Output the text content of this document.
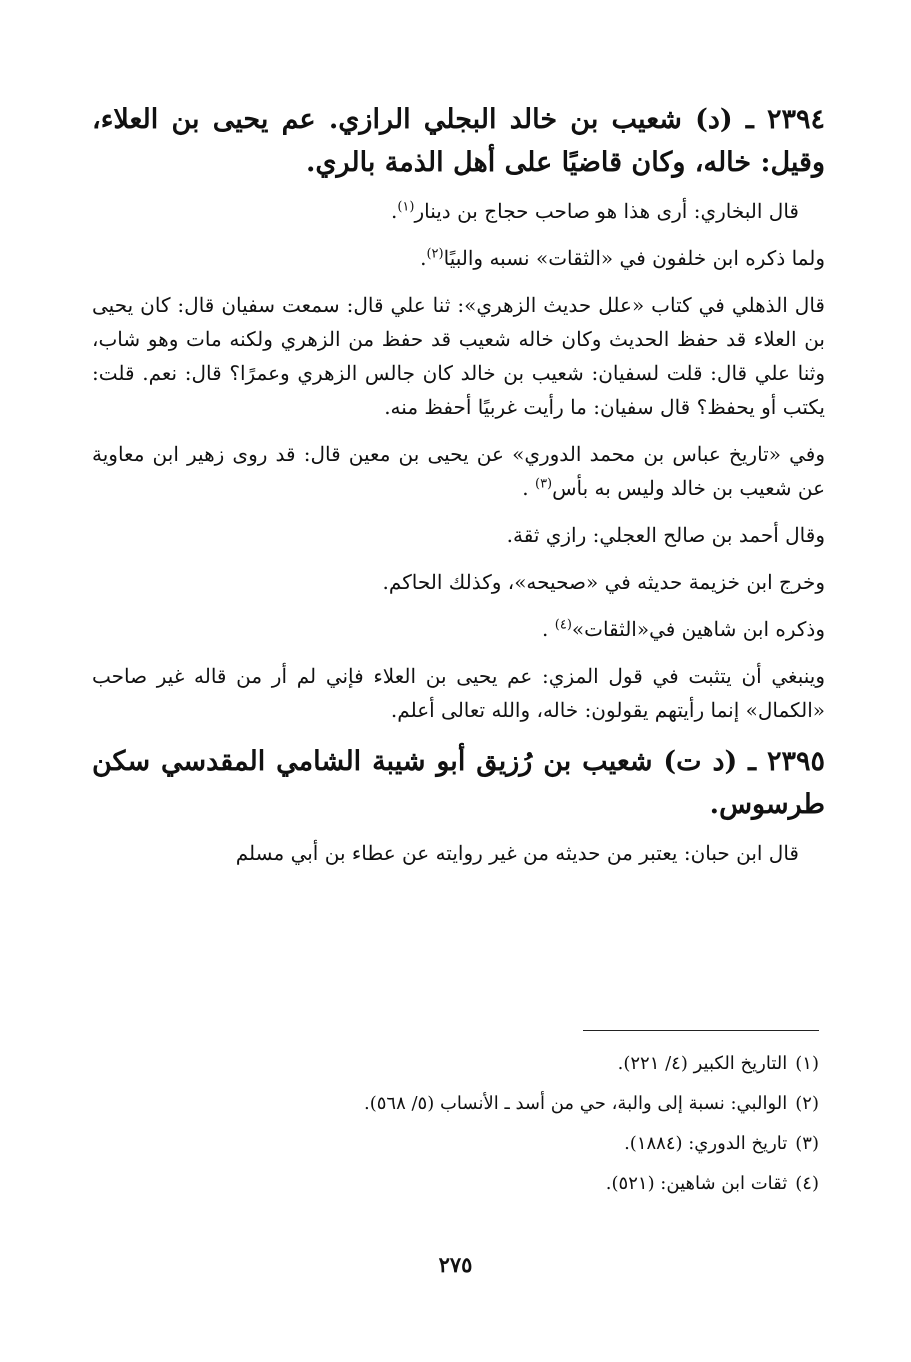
٢٣٩٤ ـ (د) شعيب بن خالد البجلي الرازي. عم يحيى بن العلاء، وقيل: خاله، وكان قاضيًا على أهل الذمة بالري.

قال البخاري: أرى هذا هو صاحب حجاج بن دينار$^{(١)}$.

ولما ذكره ابن خلفون في «الثقات» نسبه والبيًا$^{(٢)}$.

قال الذهلي في كتاب «علل حديث الزهري»: ثنا علي قال: سمعت سفيان قال: كان يحيى بن العلاء قد حفظ الحديث وكان خاله شعيب قد حفظ من الزهري ولكنه مات وهو شاب، وثنا علي قال: قلت لسفيان: شعيب بن خالد كان جالس الزهري وعمرًا؟ قال: نعم. قلت: يكتب أو يحفظ؟ قال سفيان: ما رأيت غربيًا أحفظ منه.

وفي «تاريخ عباس بن محمد الدوري» عن يحيى بن معين قال: قد روى زهير ابن معاوية عن شعيب بن خالد وليس به بأس$^{(٣)}$ .

وقال أحمد بن صالح العجلي: رازي ثقة.

وخرج ابن خزيمة حديثه في «صحيحه»، وكذلك الحاكم.

وذكره ابن شاهين في«الثقات»$^{(٤)}$ .

وينبغي أن يتثبت في قول المزي: عم يحيى بن العلاء فإني لم أر من قاله غير صاحب «الكمال» إنما رأيتهم يقولون: خاله، والله تعالى أعلم.

٢٣٩٥ ـ (د ت) شعيب بن رُزيق أبو شيبة الشامي المقدسي سكن طرسوس.

قال ابن حبان: يعتبر من حديثه من غير روايته عن عطاء بن أبي مسلم

(١)التاريخ الكبير (٤/ ٢٢١).

(٢)الوالبي: نسبة إلى والبة، حي من أسد ـ الأنساب (٥/ ٥٦٨).

(٣)تاريخ الدوري: (١٨٨٤).

(٤)ثقات ابن شاهين: (٥٢١).

٢٧٥
